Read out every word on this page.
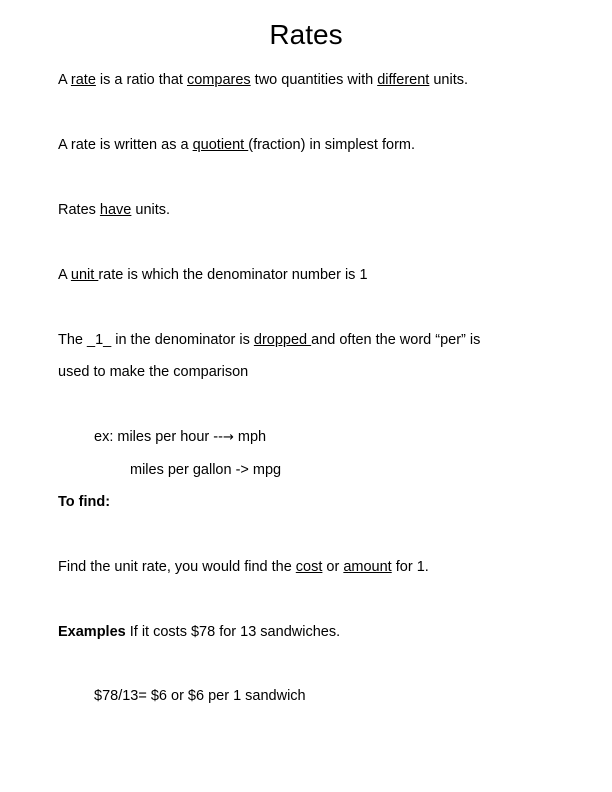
Rates
A rate is a ratio that compares two quantities with different units.
A rate is written as a quotient (fraction) in simplest form.
Rates have units.
A unit rate is which the denominator number is 1
The _1_ in the denominator is dropped and often the word “per” is
used to make the comparison
ex: miles per hour --→ mph
miles per gallon -> mpg
To find:
Find the unit rate, you would find the cost or amount for 1.
Examples If it costs $78 for 13 sandwiches.
$78/13= $6 or $6 per 1 sandwich
